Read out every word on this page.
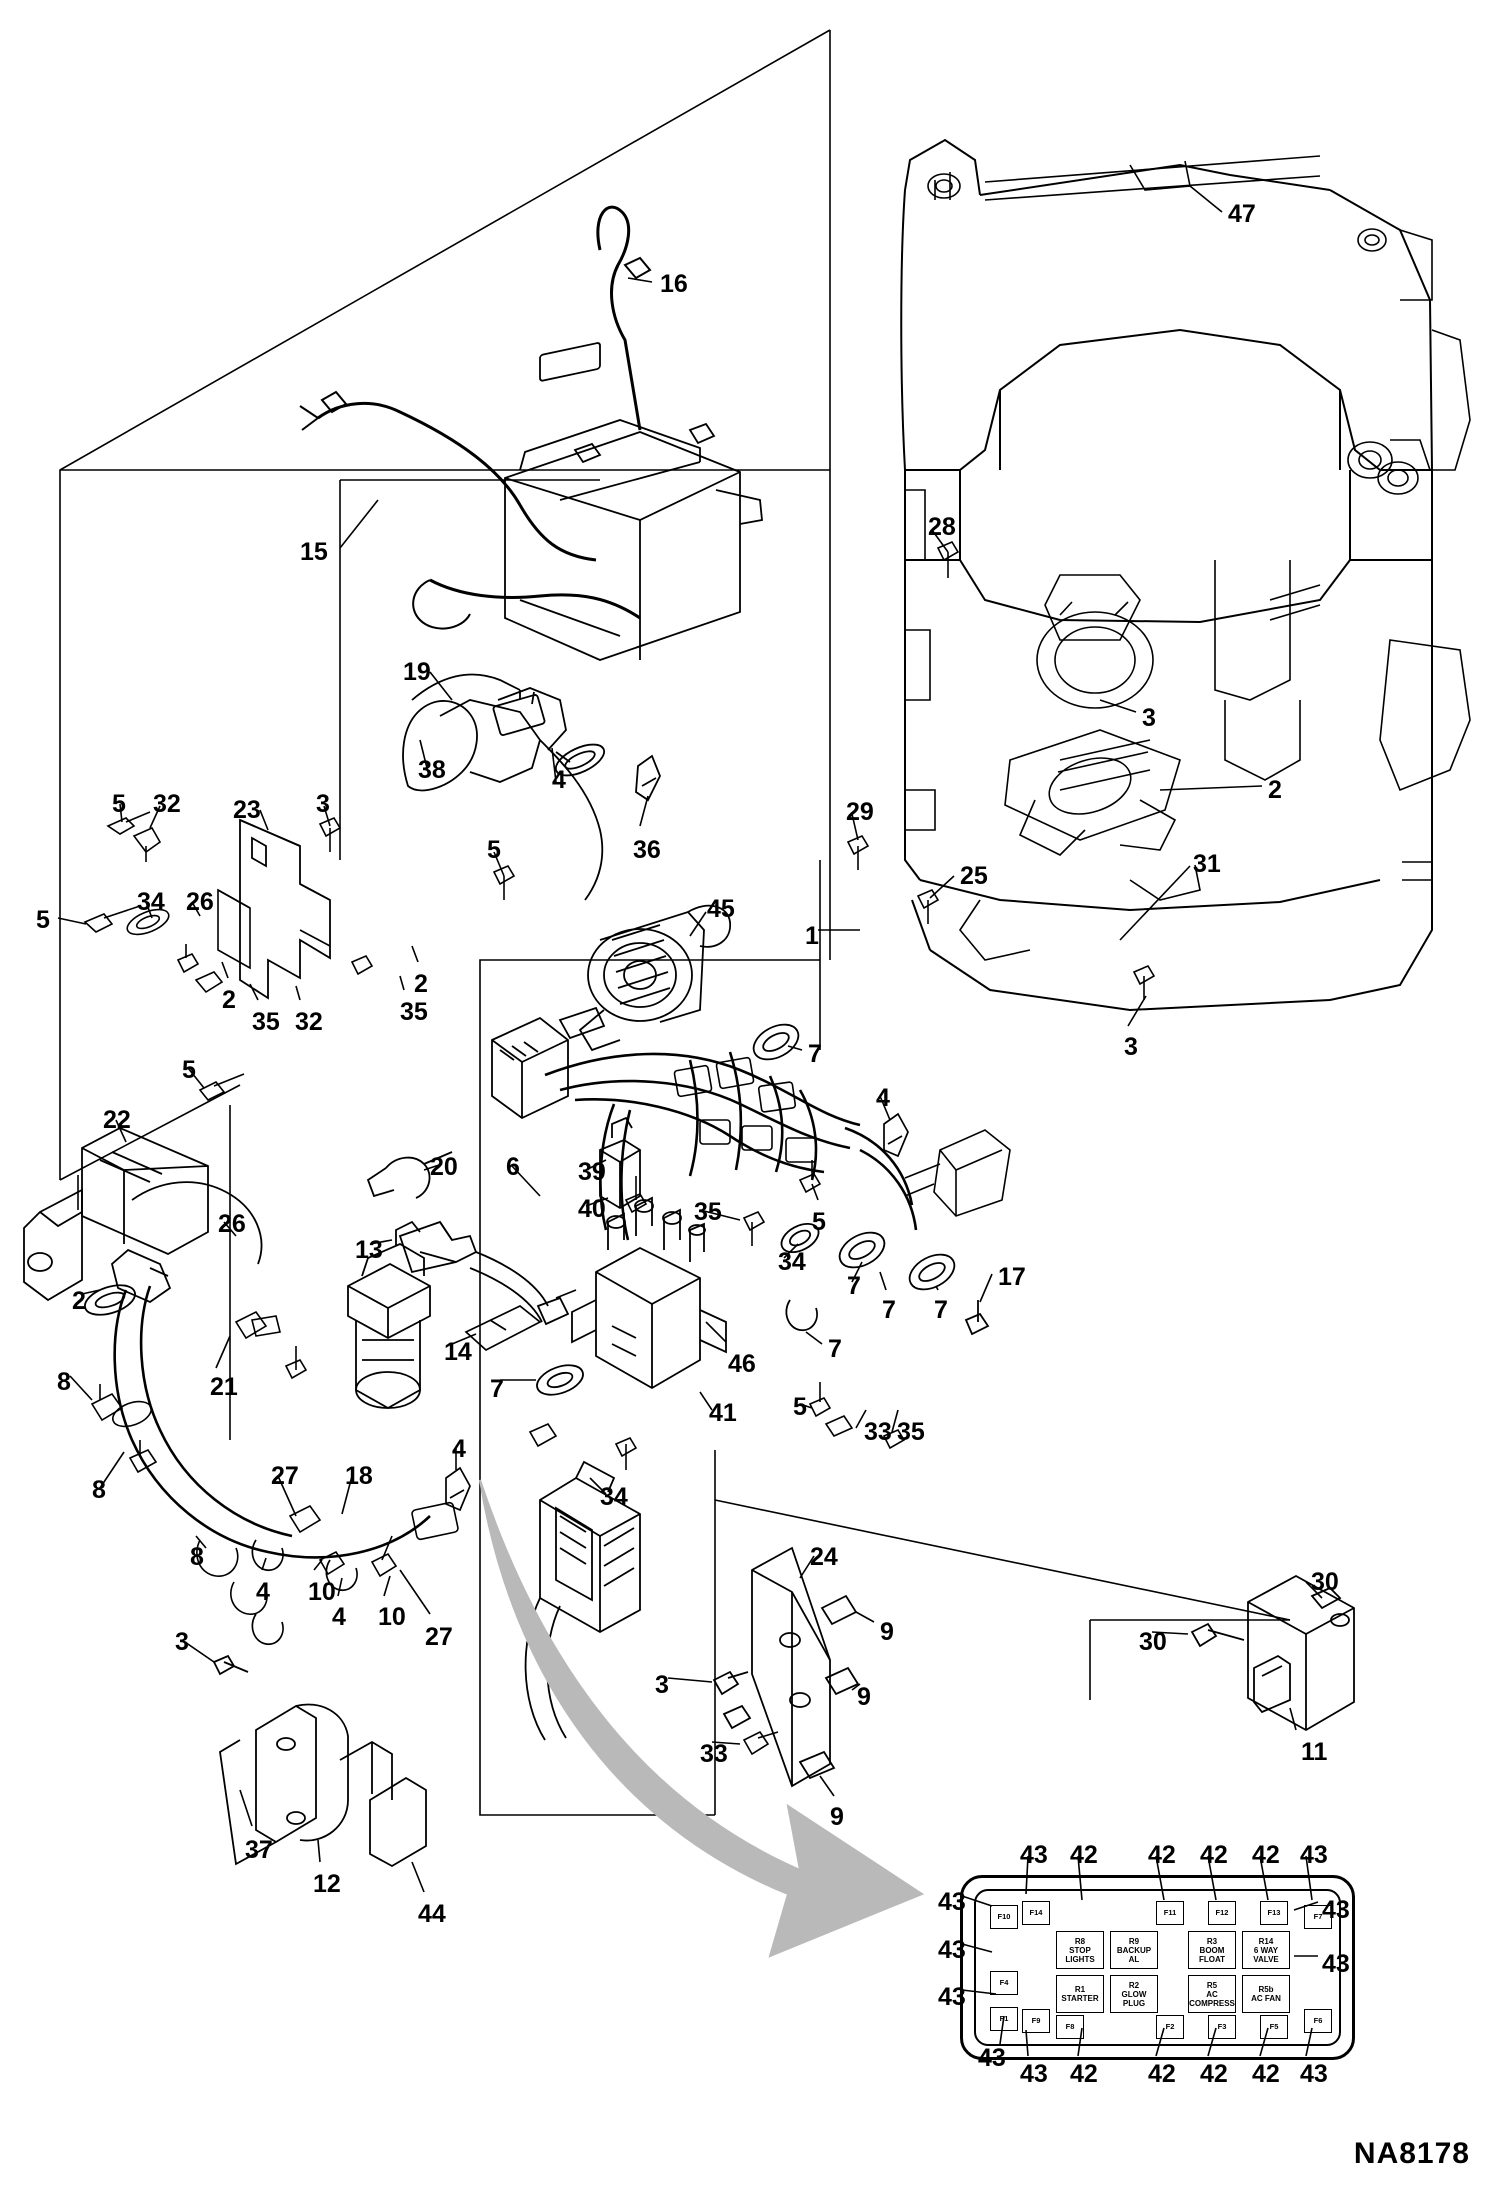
F10	F14	F11	F12	F13	F7
F4
F1	F9
F8	F2	F3	F5
F6
R8
STOP LIGHTS
R9
BACKUP AL
R3
BOOM FLOAT
R14
6 WAY VALVE
R1
STARTER
R2
GLOW PLUG
R5
AC COMPRESS
R5b
AC FAN
16
47
15
28
3
2
19
5 32 23 3
38	4
36
5
29
25	31
34 26
5	45
1
2
2
35 32	35
3
5
7
4
22
20 6 39
26
13
40	35	5
34
2
7
7 7
17
14
8	21	7
46
7
5
33 35
41
27 18
4
8	34
8
4 10
4 10
27
24
30
30
9
3
3	9
33	11
9
37
12
44
43 42 42 42 42 43
43	43
43	43
43
43
43 42 42 42 42 43
NA8178
